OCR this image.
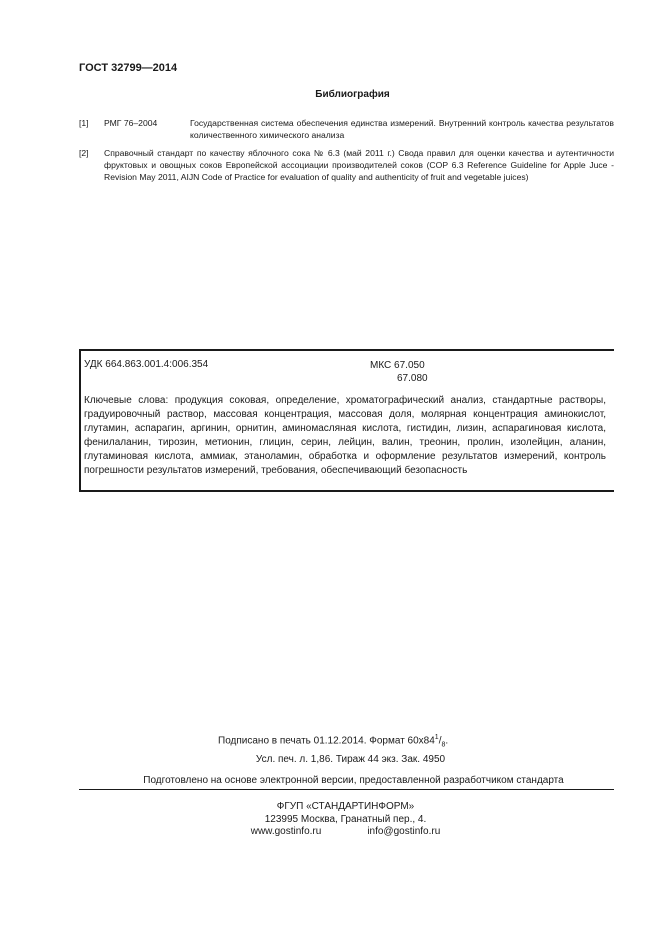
ГОСТ 32799—2014
Библиография
[1] РМГ 76–2004	Государственная система обеспечения единства измерений. Внутренний контроль качества результатов количественного химического анализа
[2] Справочный стандарт по качеству яблочного сока № 6.3 (май 2011 г.) Свода правил для оценки качества и аутентичности фруктовых и овощных соков Европейской ассоциации производителей соков (COP 6.3 Reference Guideline for Apple Juce - Revision May 2011, AIJN Code of Practice for evaluation of quality and authenticity of fruit and vegetable juices)
УДК 664.863.001.4:006.354	МКС 67.050
67.080
Ключевые слова: продукция соковая, определение, хроматографический анализ, стандартные растворы, градуировочный раствор, массовая концентрация, массовая доля, молярная концентрация аминокислот, глутамин, аспарагин, аргинин, орнитин, аминомасляная кислота, гистидин, лизин, аспарагиновая кислота, фенилаланин, тирозин, метионин, глицин, серин, лейцин, валин, треонин, пролин, изолейцин, аланин, глутаминовая кислота, аммиак, этаноламин, обработка и оформление результатов измерений, контроль погрешности результатов измерений, требования, обеспечивающий безопасность
Подписано в печать 01.12.2014. Формат $60x84^1/_8$.
Усл. печ. л. 1,86. Тираж 44 экз. Зак. 4950
Подготовлено на основе электронной версии, предоставленной разработчиком стандарта
ФГУП «СТАНДАРТИНФОРМ»
123995 Москва, Гранатный пер., 4.
www.gostinfo.ru	info@gostinfo.ru
